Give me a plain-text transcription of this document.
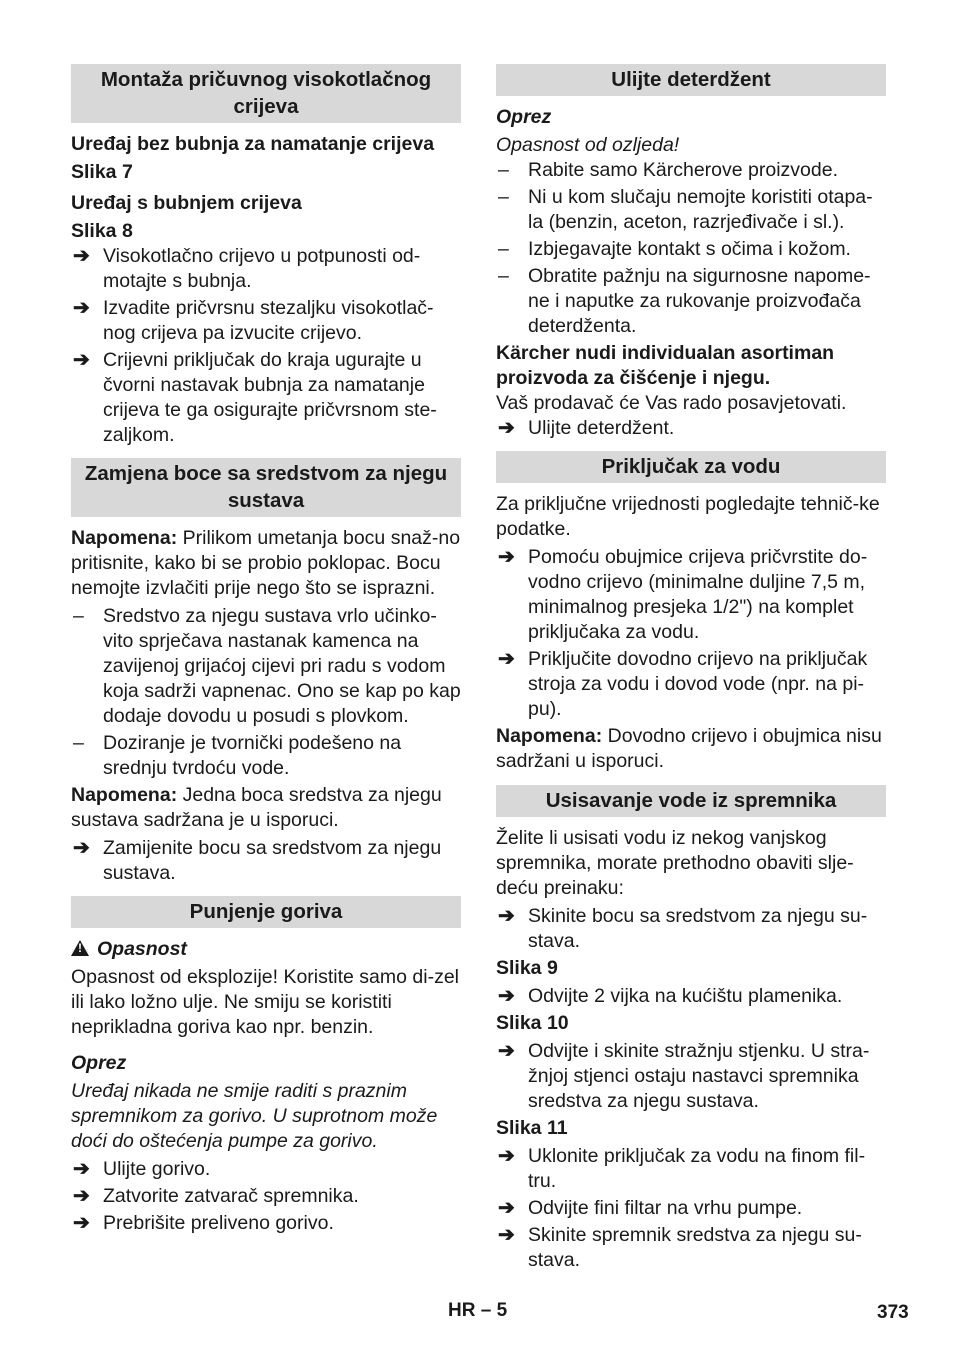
Montaža pričuvnog visokotlačnog crijeva
Uređaj bez bubnja za namatanje crijeva
Slika 7
Uređaj s bubnjem crijeva
Slika 8
➔ Visokotlačno crijevo u potpunosti od-motajte s bubnja.
➔ Izvadite pričvrsnu stezaljku visokotlač-nog crijeva pa izvucite crijevo.
➔ Crijevni priključak do kraja ugurajte u čvorni nastavak bubnja za namatanje crijeva te ga osigurajte pričvrsnom ste-zaljkom.
Zamjena boce sa sredstvom za njegu sustava
Napomena: Prilikom umetanja bocu snaž-no pritisnite, kako bi se probio poklopac. Bocu nemojte izvlačiti prije nego što se isprazni.
– Sredstvo za njegu sustava vrlo učinko-vito sprječava nastanak kamenca na zavijenoj grijaćoj cijevi pri radu s vodom koja sadrži vapnenac. Ono se kap po kap dodaje dovodu u posudi s plovkom.
– Doziranje je tvornički podešeno na srednju tvrdoću vode.
Napomena: Jedna boca sredstva za njegu sustava sadržana je u isporuci.
➔ Zamijenite bocu sa sredstvom za njegu sustava.
Punjenje goriva
!Opasnost
Opasnost od eksplozije! Koristite samo di-zel ili lako ložno ulje. Ne smiju se koristiti neprikladna goriva kao npr. benzin.
Oprez
Uređaj nikada ne smije raditi s praznim spremnikom za gorivo. U suprotnom može doći do oštećenja pumpe za gorivo.
➔ Ulijte gorivo.
➔ Zatvorite zatvarač spremnika.
➔ Prebrišite preliveno gorivo.
Ulijte deterdžent
Oprez
Opasnost od ozljeda!
– Rabite samo Kärcherove proizvode.
– Ni u kom slučaju nemojte koristiti otapa-la (benzin, aceton, razrjeđivače i sl.).
– Izbjegavajte kontakt s očima i kožom.
– Obratite pažnju na sigurnosne napome-ne i naputke za rukovanje proizvođača deterdženta.
Kärcher nudi individualan asortiman proizvoda za čišćenje i njegu.
Vaš prodavač će Vas rado posavjetovati.
➔ Ulijte deterdžent.
Priključak za vodu
Za priključne vrijednosti pogledajte tehnič-ke podatke.
➔ Pomoću obujmice crijeva pričvrstite do-vodno crijevo (minimalne duljine 7,5 m, minimalnog presjeka 1/2") na komplet priključaka za vodu.
➔ Priključite dovodno crijevo na priključak stroja za vodu i dovod vode (npr. na pi-pu).
Napomena: Dovodno crijevo i obujmica nisu sadržani u isporuci.
Usisavanje vode iz spremnika
Želite li usisati vodu iz nekog vanjskog spremnika, morate prethodno obaviti slje-deću preinaku:
➔ Skinite bocu sa sredstvom za njegu su-stava.
Slika 9
➔ Odvijte 2 vijka na kućištu plamenika.
Slika 10
➔ Odvijte i skinite stražnju stjenku. U stra-žnjoj stjenci ostaju nastavci spremnika sredstva za njegu sustava.
Slika 11
➔ Uklonite priključak za vodu na finom fil-tru.
➔ Odvijte fini filtar na vrhu pumpe.
➔ Skinite spremnik sredstva za njegu su-stava.
HR – 5	373
